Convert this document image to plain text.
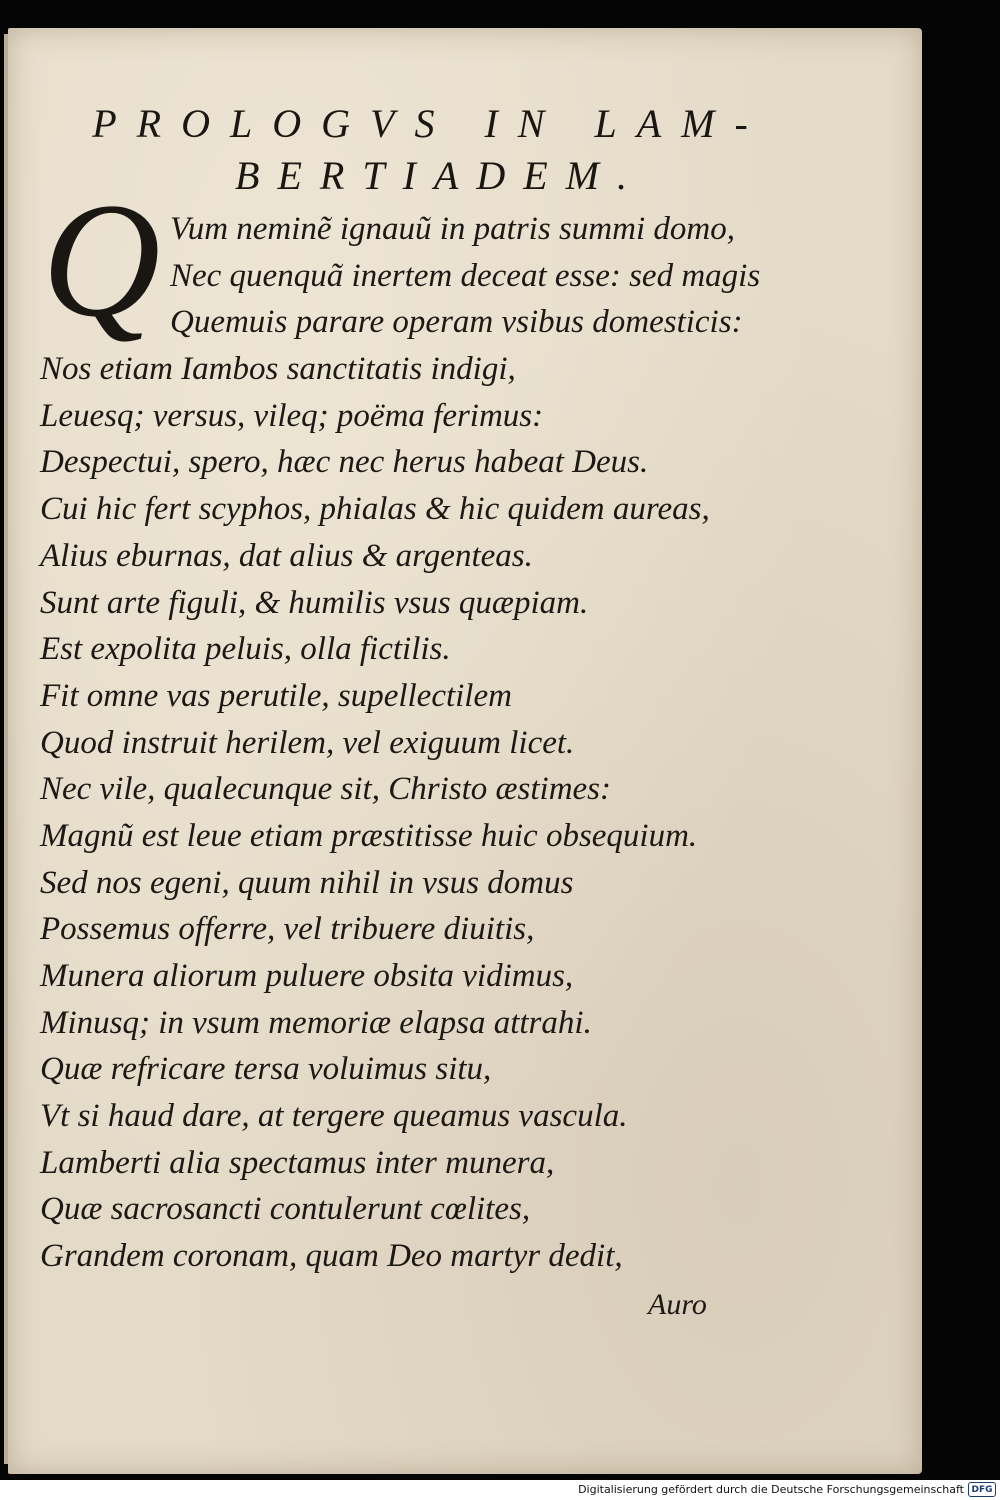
PROLOGVS IN LAM-
BERTIADEM.
Q Vum neminẽ ignauũ in patris summi domo,
Nec quenquã inertem deceat esse: sed magis
Quemuis parare operam vsibus domesticis:
Nos etiam Iambos sanctitatis indigi,
Leuesq; versus, vileq; poëma ferimus:
Despectui, spero, hæc nec herus habeat Deus.
Cui hic fert scyphos, phialas & hic quidem aureas,
Alius eburnas, dat alius & argenteas.
Sunt arte figuli, & humilis vsus quæpiam.
Est expolita peluis, olla fictilis.
Fit omne vas perutile, supellectilem
Quod instruit herilem, vel exiguum licet.
Nec vile, qualecunque sit, Christo æstimes:
Magnũ est leue etiam præstitisse huic obsequium.
Sed nos egeni, quum nihil in vsus domus
Possemus offerre, vel tribuere diuitis,
Munera aliorum puluere obsita vidimus,
Minusq; in vsum memoriæ elapsa attrahi.
Quæ refricare tersa voluimus situ,
Vt si haud dare, at tergere queamus vascula.
Lamberti alia spectamus inter munera,
Quæ sacrosancti contulerunt cœlites,
Grandem coronam, quam Deo martyr dedit,
Auro
Digitalisierung gefördert durch die Deutsche Forschungsgemeinschaft DFG
